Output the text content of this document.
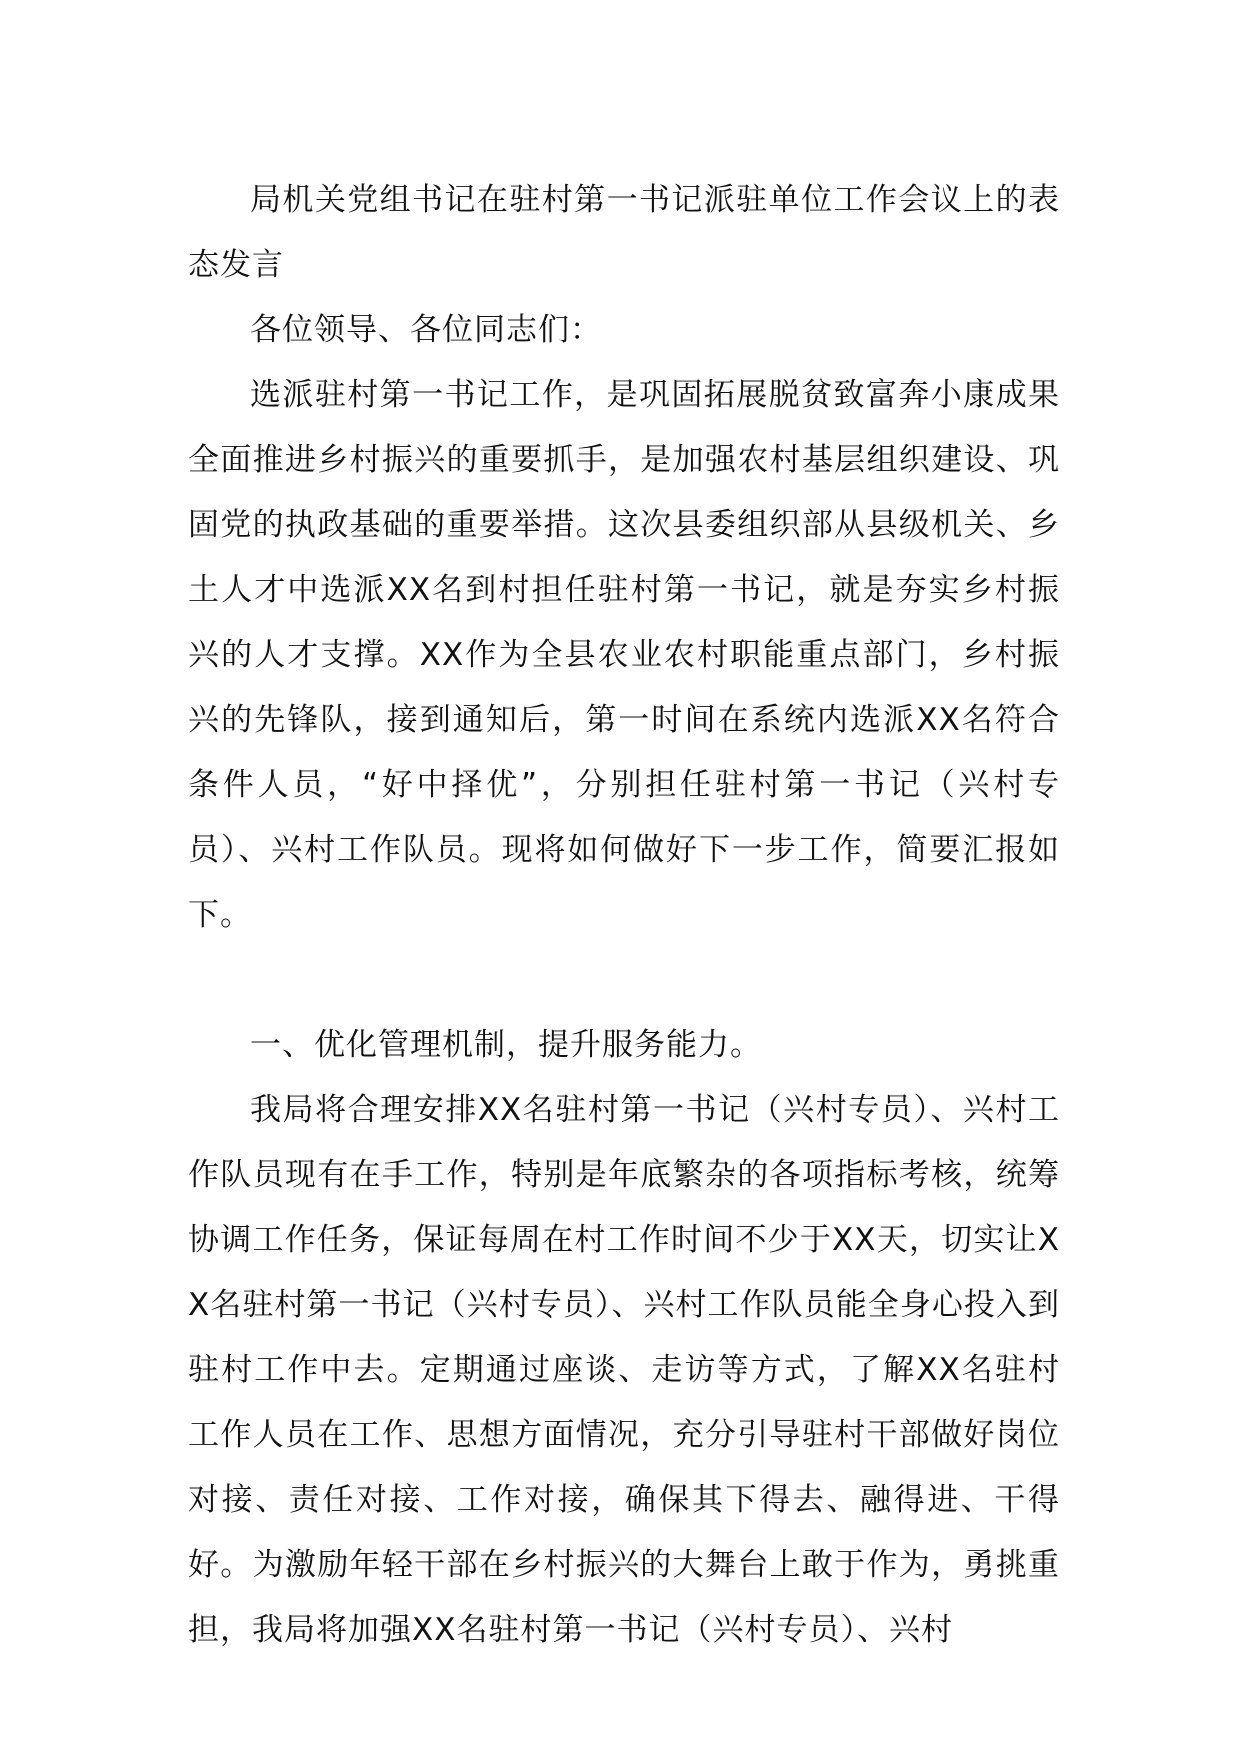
局机关党组书记在驻村第一书记派驻单位工作会议上的表态发言

各位领导、各位同志们：

选派驻村第一书记工作，是巩固拓展脱贫致富奔小康成果全面推进乡村振兴的重要抓手，是加强农村基层组织建设、巩固党的执政基础的重要举措。这次县委组织部从县级机关、乡土人才中选派XX名到村担任驻村第一书记，就是夯实乡村振兴的人才支撑。XX作为全县农业农村职能重点部门，乡村振兴的先锋队，接到通知后，第一时间在系统内选派XX名符合条件人员，“好中择优”，分别担任驻村第一书记（兴村专员）、兴村工作队员。现将如何做好下一步工作，简要汇报如下。

一、优化管理机制，提升服务能力。

我局将合理安排XX名驻村第一书记（兴村专员）、兴村工作队员现有在手工作，特别是年底繁杂的各项指标考核，统筹协调工作任务，保证每周在村工作时间不少于XX天，切实让XX名驻村第一书记（兴村专员）、兴村工作队员能全身心投入到驻村工作中去。定期通过座谈、走访等方式，了解XX名驻村工作人员在工作、思想方面情况，充分引导驻村干部做好岗位对接、责任对接、工作对接，确保其下得去、融得进、干得好。为激励年轻干部在乡村振兴的大舞台上敢于作为，勇挑重担，我局将加强XX名驻村第一书记（兴村专员）、兴村
